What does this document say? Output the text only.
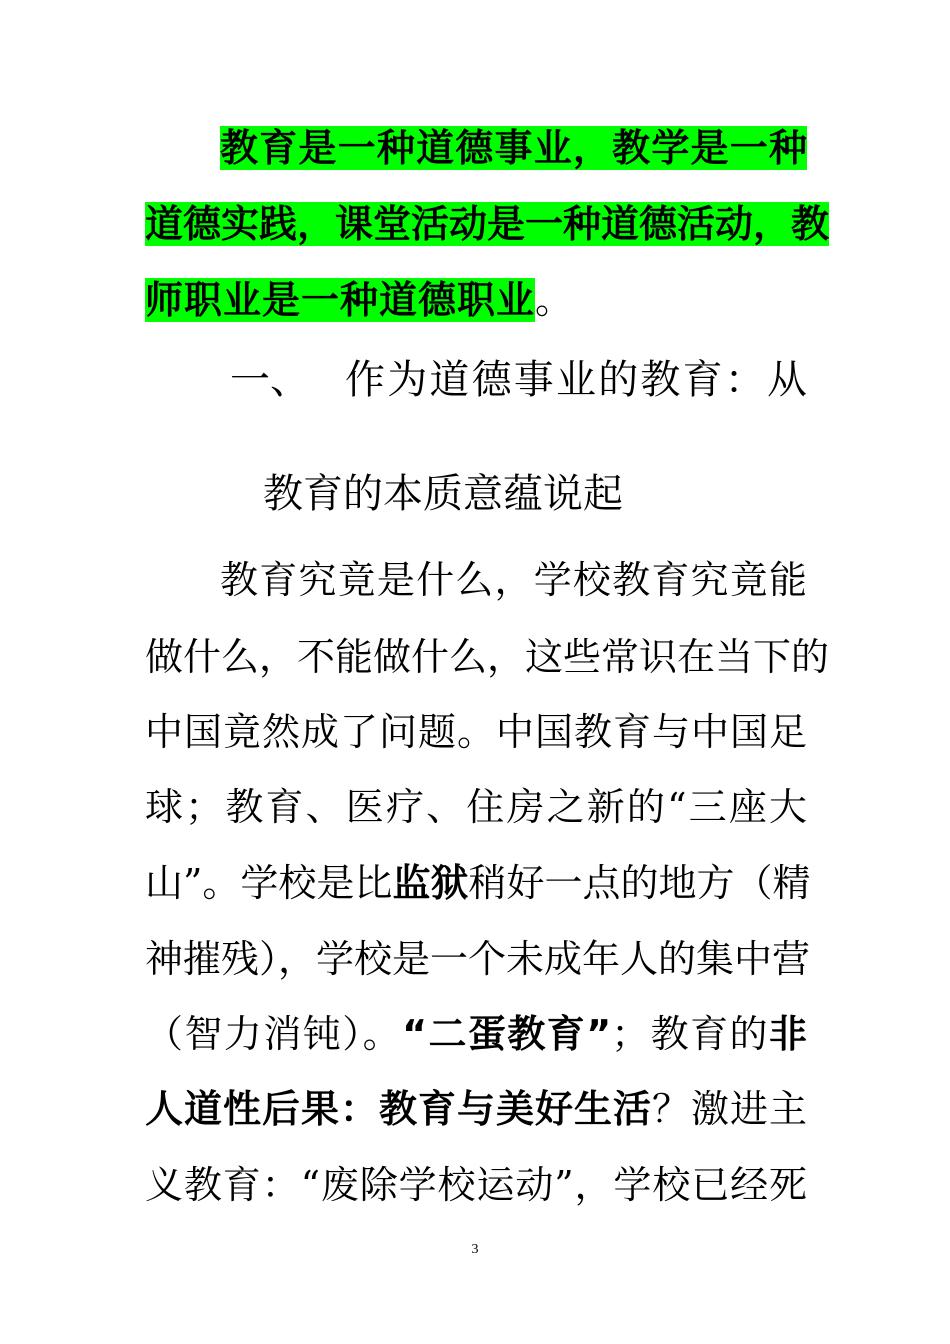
教育是一种道德事业，教学是一种
道德实践，课堂活动是一种道德活动，教
师职业是一种道德职业。
一、 作为道德事业的教育：从
教育的本质意蕴说起
教育究竟是什么，学校教育究竟能
做什么，不能做什么，这些常识在当下的
中国竟然成了问题。中国教育与中国足
球；教育、医疗、住房之新的“三座大
山”。学校是比监狱稍好一点的地方（精
神摧残），学校是一个未成年人的集中营
（智力消钝）。“二蛋教育”；教育的非
人道性后果：教育与美好生活？激进主
义教育：“废除学校运动”，学校已经死
3
